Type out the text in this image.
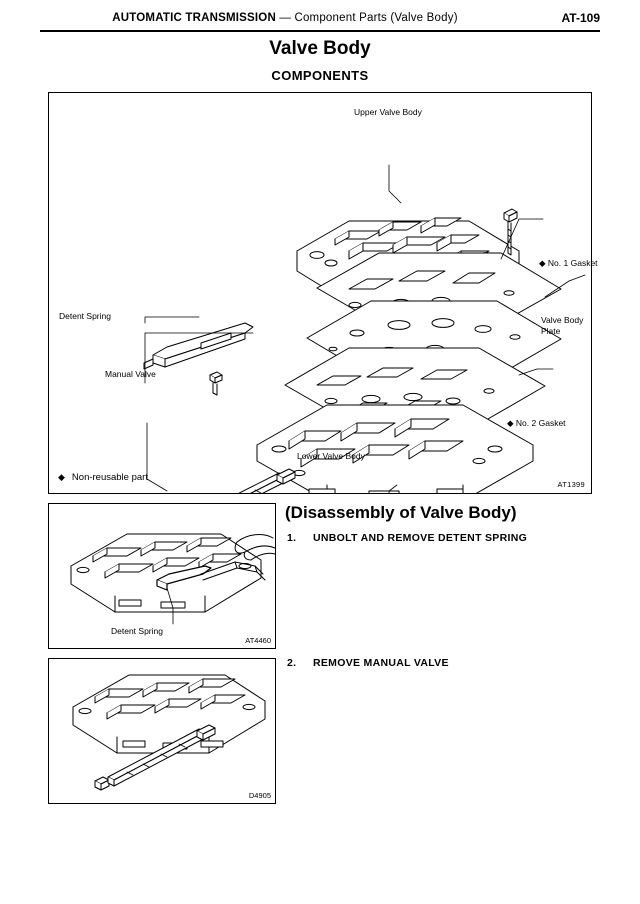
AUTOMATIC TRANSMISSION — Component Parts (Valve Body)	AT-109
Valve Body
COMPONENTS
Upper Valve Body
◆ No. 1 Gasket
Valve Body
Plate
◆ No. 2 Gasket
Detent Spring
Manual Valve
Lower Valve Body
AT1399
◆ Non-reusable part
(Disassembly of Valve Body)
1. UNBOLT AND REMOVE DETENT SPRING
2. REMOVE MANUAL VALVE
Detent Spring
AT4460
D4905
